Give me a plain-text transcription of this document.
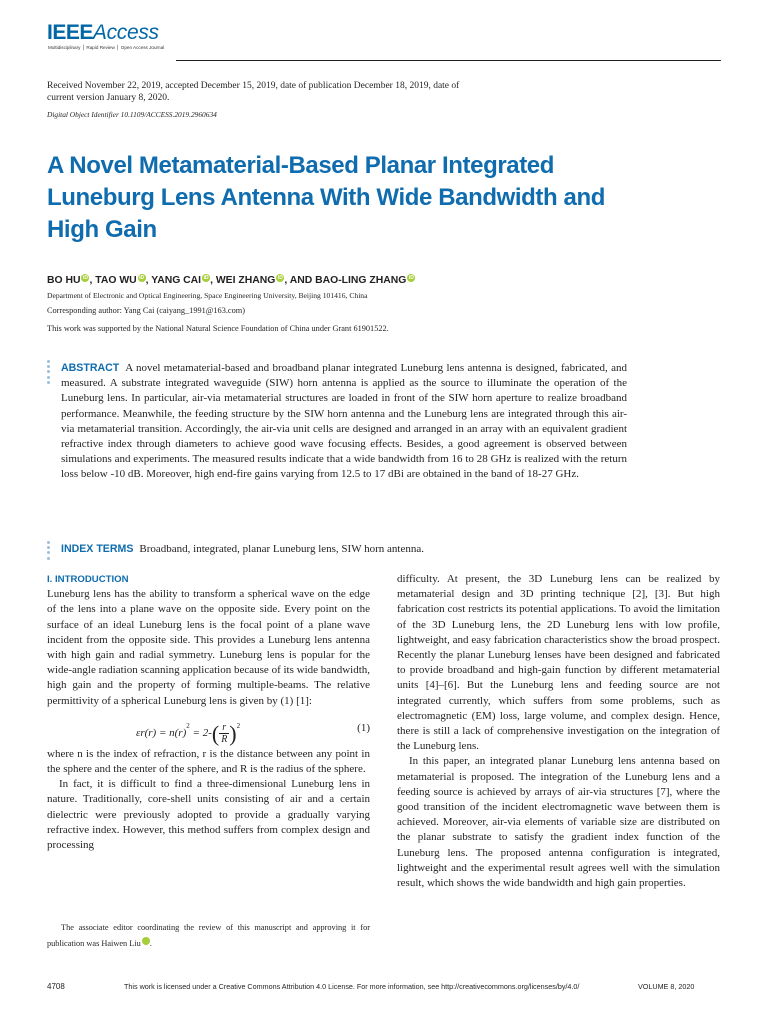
IEEEAccess
Multidisciplinary ⎪ Rapid Review ⎪ Open Access Journal
Received November 22, 2019, accepted December 15, 2019, date of publication December 18, 2019, date of current version January 8, 2020.
Digital Object Identifier 10.1109/ACCESS.2019.2960634
A Novel Metamaterial-Based Planar Integrated Luneburg Lens Antenna With Wide Bandwidth and High Gain
BO HU iD , TAO WU iD , YANG CAI iD , WEI ZHANG iD , AND BAO-LING ZHANG iD
Department of Electronic and Optical Engineering, Space Engineering University, Beijing 101416, China
Corresponding author: Yang Cai (caiyang_1991@163.com)
This work was supported by the National Natural Science Foundation of China under Grant 61901522.
ABSTRACT A novel metamaterial-based and broadband planar integrated Luneburg lens antenna is designed, fabricated, and measured. A substrate integrated waveguide (SIW) horn antenna is applied as the source to illuminate the operation of the Luneburg lens. In particular, air-via metamaterial structures are loaded in front of the SIW horn aperture to realize broadband performance. Meanwhile, the feeding structure by the SIW horn antenna and the Luneburg lens are integrated through this air-via metamaterial transition. Accordingly, the air-via unit cells are designed and arranged in an array with an equivalent gradient refractive index through diameters to achieve good wave focusing effects. Besides, a good agreement is observed between simulations and experiments. The measured results indicate that a wide bandwidth from 16 to 28 GHz is realized with the return loss below -10 dB. Moreover, high end-fire gains varying from 12.5 to 17 dBi are obtained in the band of 18-27 GHz.
INDEX TERMS Broadband, integrated, planar Luneburg lens, SIW horn antenna.
I. INTRODUCTION

Luneburg lens has the ability to transform a spherical wave on the edge of the lens into a plane wave on the opposite side. Every point on the surface of an ideal Luneburg lens is the focal point of a plane wave incident from the opposite side. This provides a Luneburg lens antenna with high gain and radial symmetry. Luneburg lens is popular for the wide-angle radiation scanning application because of its wide bandwidth, high gain and the property of forming multiple-beams. The relative permittivity of a spherical Luneburg lens is given by (1) [1]:

$\varepsilon r(r) = n(r)^2 = 2-( \frac{r}{R} )^2$	(1)

where n is the index of refraction, r is the distance between any point in the sphere and the center of the sphere, and R is the radius of the sphere.

In fact, it is difficult to find a three-dimensional Luneburg lens in nature. Traditionally, core-shell units consisting of air and a certain dielectric were previously adopted to provide a gradually varying refractive index. However, this method suffers from complex design and processing

difficulty. At present, the 3D Luneburg lens can be realized by metamaterial design and 3D printing technique [2], [3]. But high fabrication cost restricts its potential applications. To avoid the limitation of the 3D Luneburg lens, the 2D Luneburg lens with low profile, lightweight, and easy fabrication characteristics show the broad prospect. Recently the planar Luneburg lenses have been designed and fabricated to provide broadband and high-gain function by different metamaterial units [4]–[6]. But the Luneburg lens and feeding source are not integrated currently, which suffers from some problems, such as electromagnetic (EM) loss, large volume, and complex design. Hence, there is still a lack of comprehensive investigation on the integration of the Luneburg lens.

In this paper, an integrated planar Luneburg lens antenna based on metamaterial is proposed. The integration of the Luneburg lens and a feeding source is achieved by arrays of air-via structures [7], where the good transition of the incident electromagnetic wave between them is achieved. Moreover, air-via elements of variable size are distributed on the planar substrate to satisfy the gradient index function of the Luneburg lens. The proposed antenna configuration is integrated, lightweight and the experimental result agrees well with the simulation result, which shows the wide bandwidth and high gain properties.

The associate editor coordinating the review of this manuscript and approving it for publication was Haiwen Liu	iD.
4708	This work is licensed under a Creative Commons Attribution 4.0 License. For more information, see http://creativecommons.org/licenses/by/4.0/	VOLUME 8, 2020
